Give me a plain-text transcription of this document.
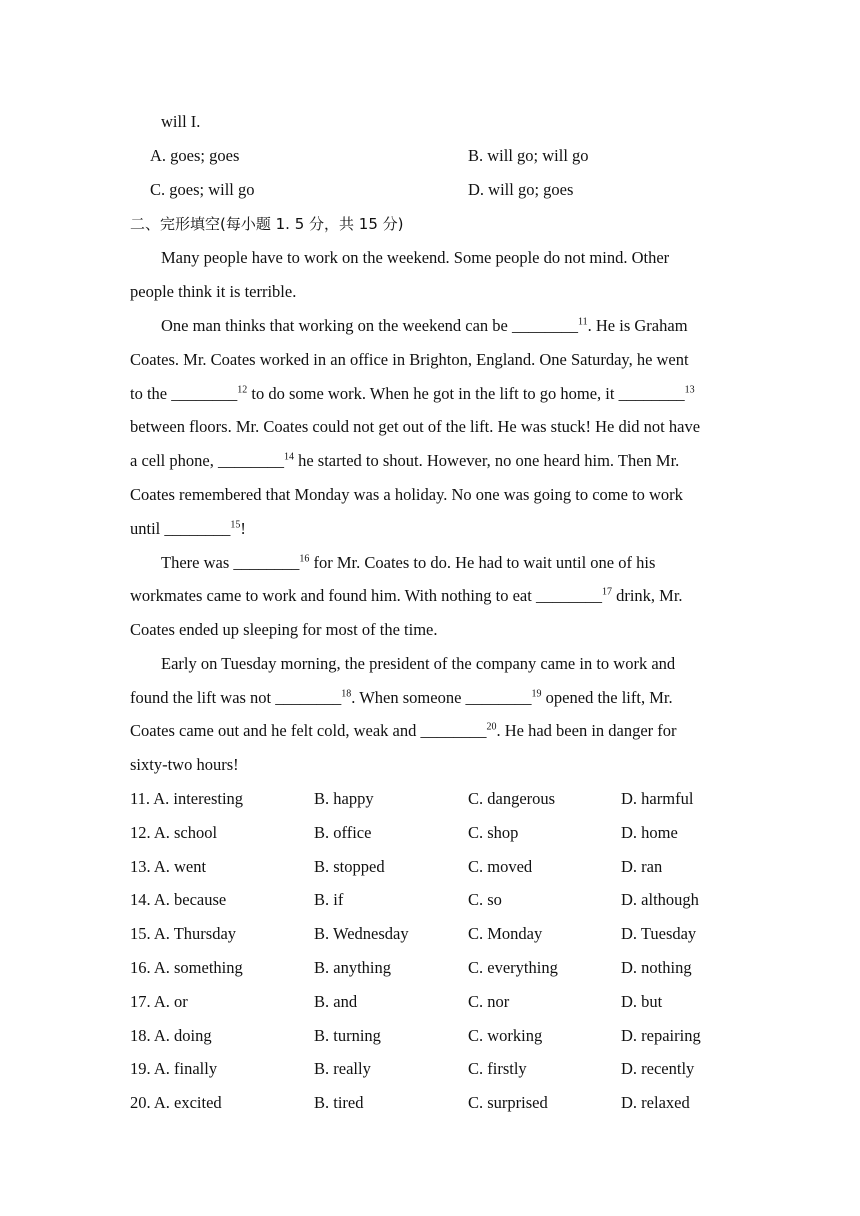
will I.
A. goes; goes	B. will go; will go
C. goes; will go	D. will go; goes
二、完形填空(每小题 1. 5 分，共 15 分)
Many people have to work on the weekend. Some people do not mind. Other
people think it is terrible.
One man thinks that working on the weekend can be ________$^{11}$. He is Graham
Coates. Mr. Coates worked in an office in Brighton, England. One Saturday, he went
to the ________$^{12}$ to do some work. When he got in the lift to go home, it ________$^{13}$
between floors. Mr. Coates could not get out of the lift. He was stuck! He did not have
a cell phone, ________$^{14}$ he started to shout. However, no one heard him. Then Mr.
Coates remembered that Monday was a holiday. No one was going to come to work
until ________$^{15}$!
There was ________$^{16}$ for Mr. Coates to do. He had to wait until one of his
workmates came to work and found him. With nothing to eat ________$^{17}$ drink, Mr.
Coates ended up sleeping for most of the time.
Early on Tuesday morning, the president of the company came in to work and
found the lift was not ________$^{18}$. When someone ________$^{19}$ opened the lift, Mr.
Coates came out and he felt cold, weak and ________$^{20}$. He had been in danger for
sixty-two hours!
11. A. interesting	B. happy	C. dangerous	D. harmful
12. A. school	B. office	C. shop	D. home
13. A. went	B. stopped	C. moved	D. ran
14. A. because	B. if	C. so	D. although
15. A. Thursday	B. Wednesday	C. Monday	D. Tuesday
16. A. something	B. anything	C. everything	D. nothing
17. A. or	B. and	C. nor	D. but
18. A. doing	B. turning	C. working	D. repairing
19. A. finally	B. really	C. firstly	D. recently
20. A. excited	B. tired	C. surprised	D. relaxed
